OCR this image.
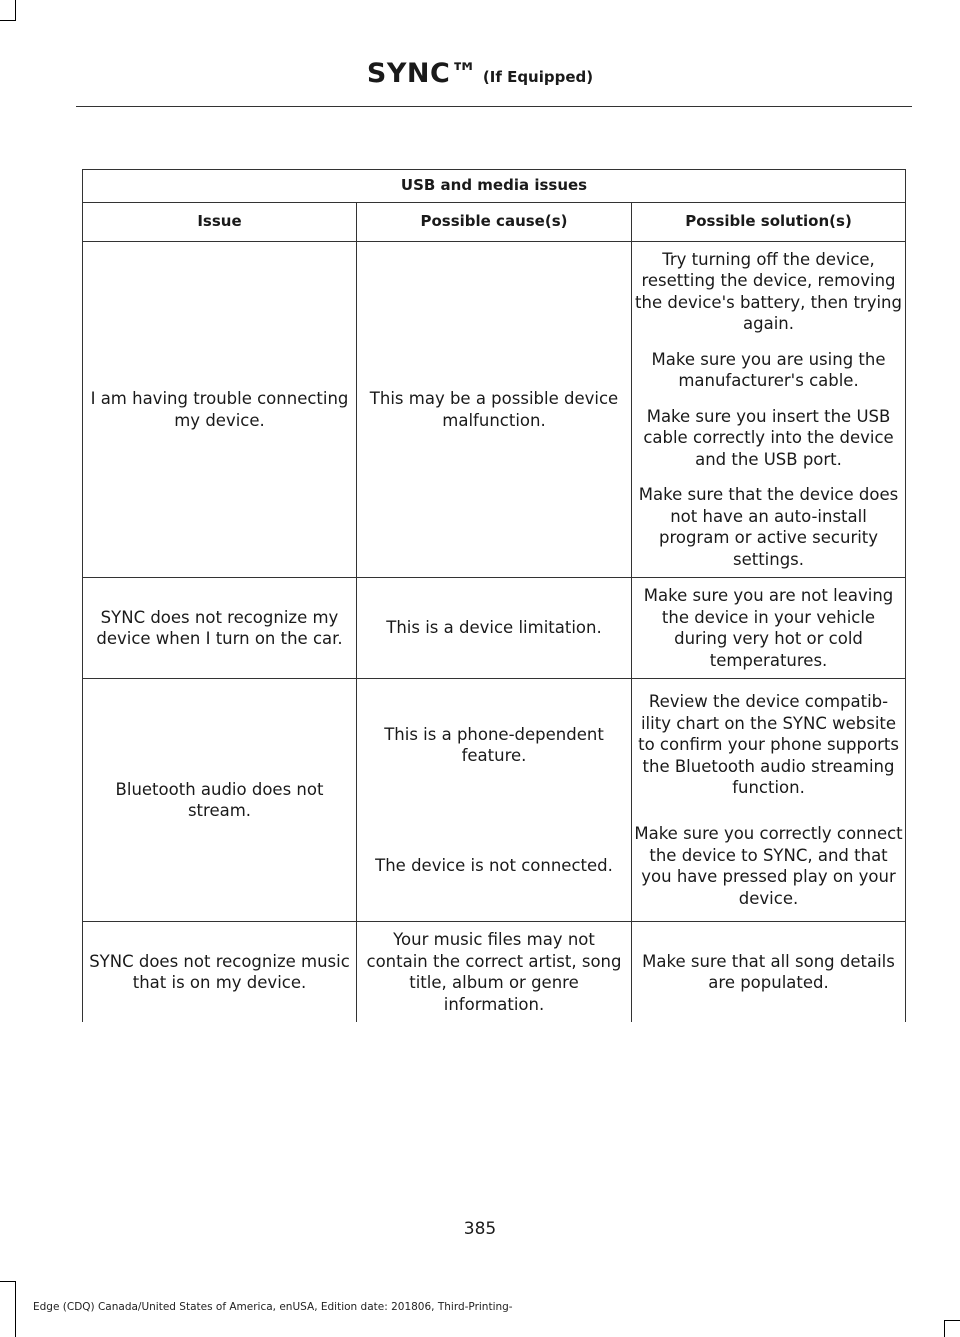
SYNC™ (If Equipped)
USB and media issues		
Issue	Possible cause(s)	Possible solution(s)
I am having trouble connecting my device.	This may be a possible device malfunction.	Try turning off the device, resetting the device, removing the device's battery, then trying again.

Make sure you are using the manufacturer's cable.

Make sure you insert the USB cable correctly into the device and the USB port.

Make sure that the device does not have an auto-install program or active security settings.

SYNC does not recognize my device when I turn on the car.	This is a device limitation.	Make sure you are not leaving the device in your vehicle during very hot or cold temperatures.

Bluetooth audio does not stream.	This is a phone-dependent feature.	Review the device compatib-ility chart on the SYNC website to confirm your phone supports the Bluetooth audio streaming function.

	The device is not connected.	Make sure you correctly connect the device to SYNC, and that you have pressed play on your device.

SYNC does not recognize music that is on my device.	Your music files may not contain the correct artist, song title, album or genre information.	Make sure that all song details are populated.

385
Edge (CDQ) Canada/United States of America, enUSA, Edition date: 201806, Third-Printing-
